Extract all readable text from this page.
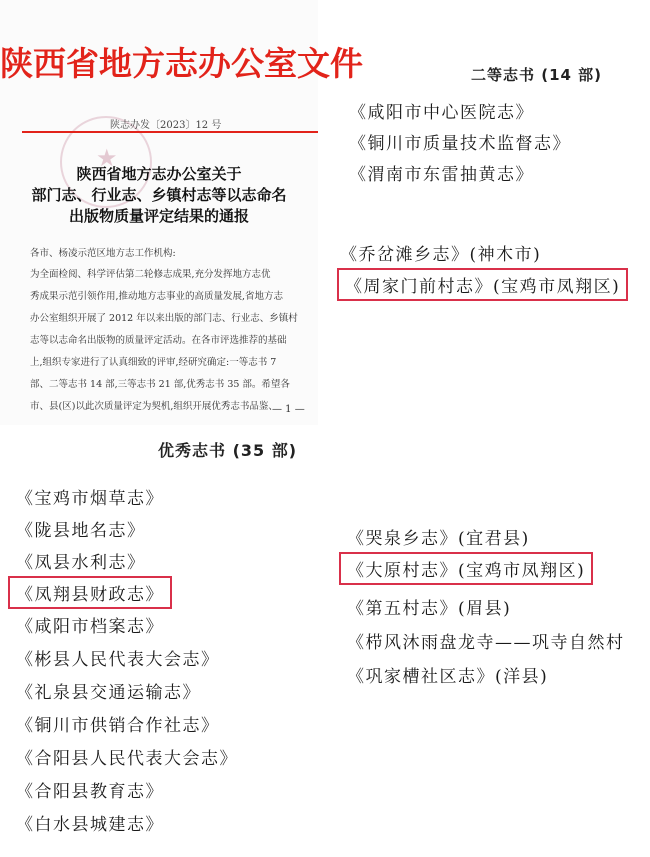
陕西省地方志办公室文件
★
陕志办发〔2023〕12 号
陕西省地方志办公室关于
部门志、行业志、乡镇村志等以志命名
出版物质量评定结果的通报
各市、杨凌示范区地方志工作机构:
为全面检阅、科学评估第二轮修志成果,充分发挥地方志优
秀成果示范引领作用,推动地方志事业的高质量发展,省地方志
办公室组织开展了 2012 年以来出版的部门志、行业志、乡镇村
志等以志命名出版物的质量评定活动。在各市评选推荐的基础
上,组织专家进行了认真细致的评审,经研究确定:一等志书 7
部、二等志书 14 部,三等志书 21 部,优秀志书 35 部。希望各
市、县(区)以此次质量评定为契机,组织开展优秀志书品鉴、
— 1 —
二等志书 (14 部)
《咸阳市中心医院志》
《铜川市质量技术监督志》
《渭南市东雷抽黄志》
《乔岔滩乡志》(神木市)
《周家门前村志》(宝鸡市凤翔区)
优秀志书 (35 部)
《宝鸡市烟草志》
《陇县地名志》
《凤县水利志》
《凤翔县财政志》
《咸阳市档案志》
《彬县人民代表大会志》
《礼泉县交通运输志》
《铜川市供销合作社志》
《合阳县人民代表大会志》
《合阳县教育志》
《白水县城建志》
《哭泉乡志》(宜君县)
《大原村志》(宝鸡市凤翔区)
《第五村志》(眉县)
《栉风沐雨盘龙寺——巩寺自然村
《巩家槽社区志》(洋县)
